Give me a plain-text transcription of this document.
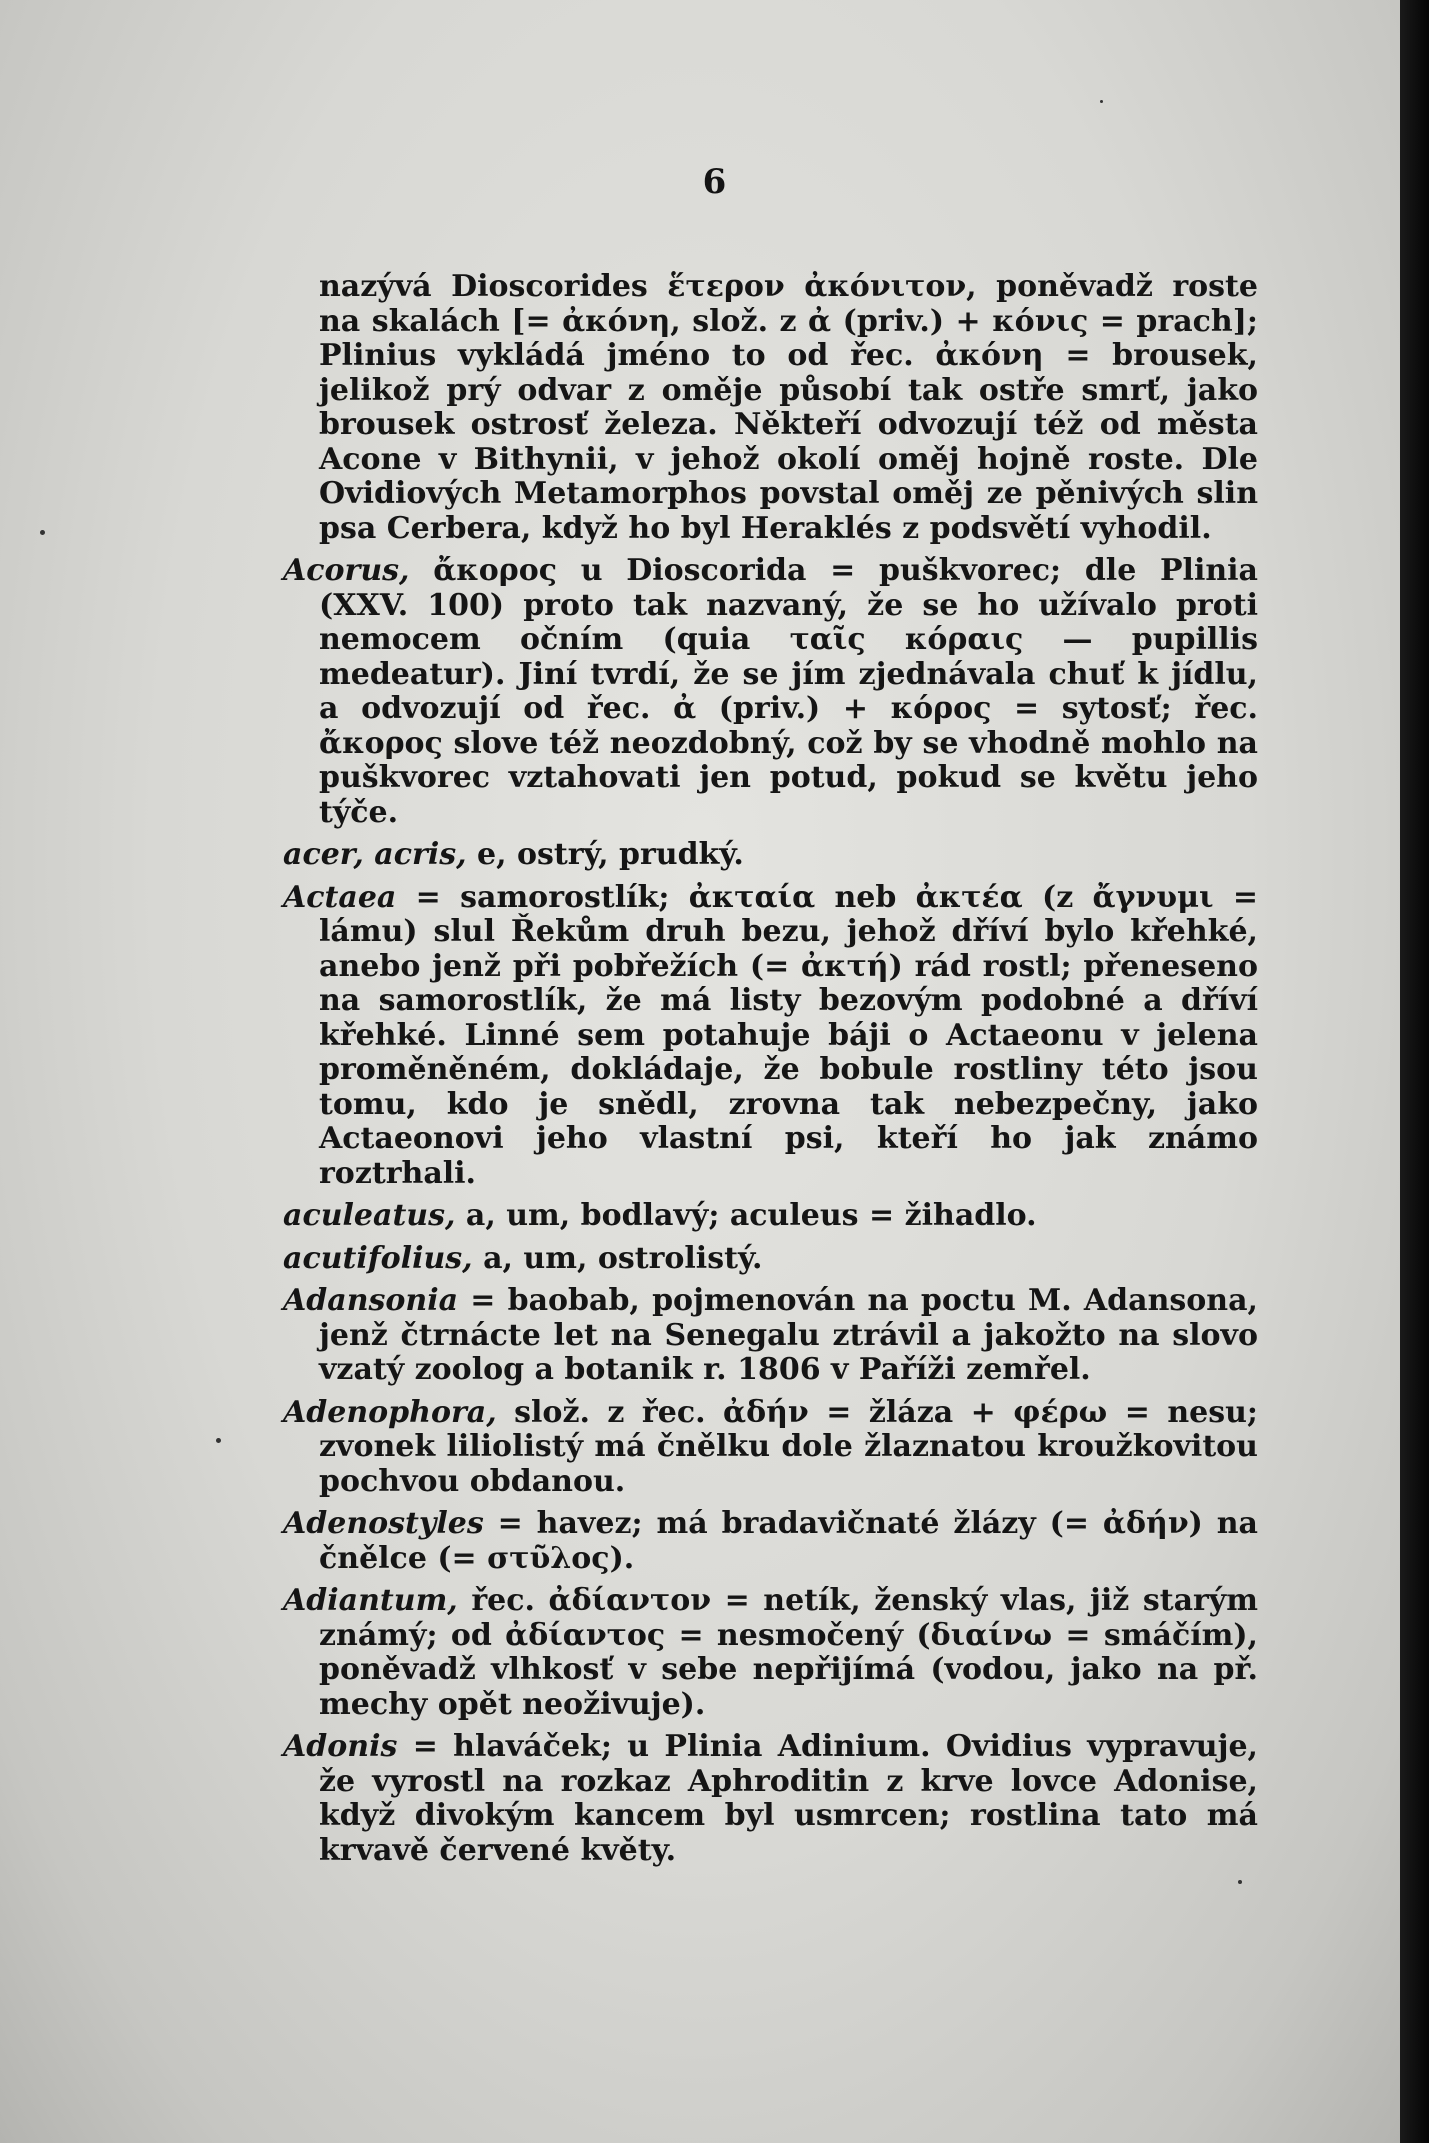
6

nazývá Dioscorides ἕτερον ἀκόνιτον, poněvadž roste na skalách [= ἀκόνη, slož. z ἀ (priv.) + κόνις = prach]; Plinius vykládá jméno to od řec. ἀκόνη = brousek, jelikož prý odvar z oměje působí tak ostře smrť, jako brousek ostrosť železa. Někteří odvozují též od města Acone v Bithynii, v jehož okolí oměj hojně roste. Dle Ovidiových Metamorphos povstal oměj ze pěnivých slin psa Cerbera, když ho byl Heraklés z podsvětí vyhodil.

Acorus, ἄκορος u Dioscorida = puškvorec; dle Plinia (XXV. 100) proto tak nazvaný, že se ho užívalo proti nemocem očním (quia ταῖς κόραις — pupillis medeatur). Jiní tvrdí, že se jím zjednávala chuť k jídlu, a odvozují od řec. ἀ (priv.) + κόρος = sytosť; řec. ἄκορος slove též neozdobný, což by se vhodně mohlo na puškvorec vztahovati jen potud, pokud se květu jeho týče.

acer, acris, e, ostrý, prudký.

Actaea = samorostlík; ἀκταία neb ἀκτέα (z ἄγνυμι = lámu) slul Řekům druh bezu, jehož dříví bylo křehké, anebo jenž při pobřežích (= ἀκτή) rád rostl; přeneseno na samorostlík, že má listy bezovým podobné a dříví křehké. Linné sem potahuje báji o Actaeonu v jelena proměněném, dokládaje, že bobule rostliny této jsou tomu, kdo je snědl, zrovna tak nebezpečny, jako Actaeonovi jeho vlastní psi, kteří ho jak známo roztrhali.

aculeatus, a, um, bodlavý; aculeus = žihadlo.

acutifolius, a, um, ostrolistý.

Adansonia = baobab, pojmenován na poctu M. Adansona, jenž čtrnácte let na Senegalu ztrávil a jakožto na slovo vzatý zoolog a botanik r. 1806 v Paříži zemřel.

Adenophora, slož. z řec. ἀδήν = žláza + φέρω = nesu; zvonek liliolistý má čnělku dole žlaznatou kroužkovitou pochvou obdanou.

Adenostyles = havez; má bradavičnaté žlázy (= ἀδήν) na čnělce (= στῦλος).

Adiantum, řec. ἀδίαντον = netík, ženský vlas, již starým známý; od ἀδίαντος = nesmočený (διαίνω = smáčím), poněvadž vlhkosť v sebe nepřijímá (vodou, jako na př. mechy opět neoživuje).

Adonis = hlaváček; u Plinia Adinium. Ovidius vypravuje, že vyrostl na rozkaz Aphroditin z krve lovce Adonise, když divokým kancem byl usmrcen; rostlina tato má krvavě červené květy.
